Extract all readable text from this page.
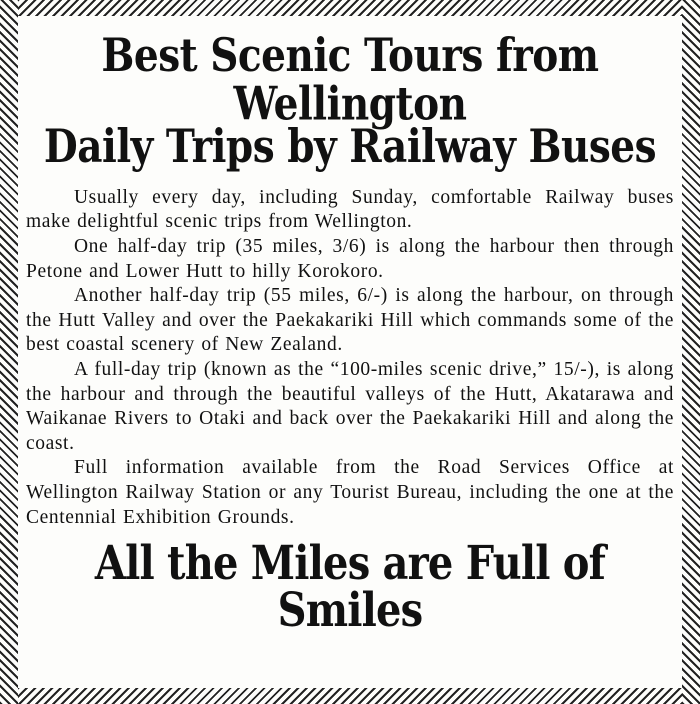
Best Scenic Tours from Wellington
Daily Trips by Railway Buses

Usually every day, including Sunday, comfortable Railway buses make delightful scenic trips from Wellington.

One half-day trip (35 miles, 3/6) is along the harbour then through Petone and Lower Hutt to hilly Korokoro.

Another half-day trip (55 miles, 6/-) is along the harbour, on through the Hutt Valley and over the Paekakariki Hill which commands some of the best coastal scenery of New Zealand.

A full-day trip (known as the “100-miles scenic drive,” 15/-), is along the harbour and through the beautiful valleys of the Hutt, Akatarawa and Waikanae Rivers to Otaki and back over the Paekakariki Hill and along the coast.

Full information available from the Road Services Office at Wellington Railway Station or any Tourist Bureau, including the one at the Centennial Exhibition Grounds.

All the Miles are Full of Smiles
